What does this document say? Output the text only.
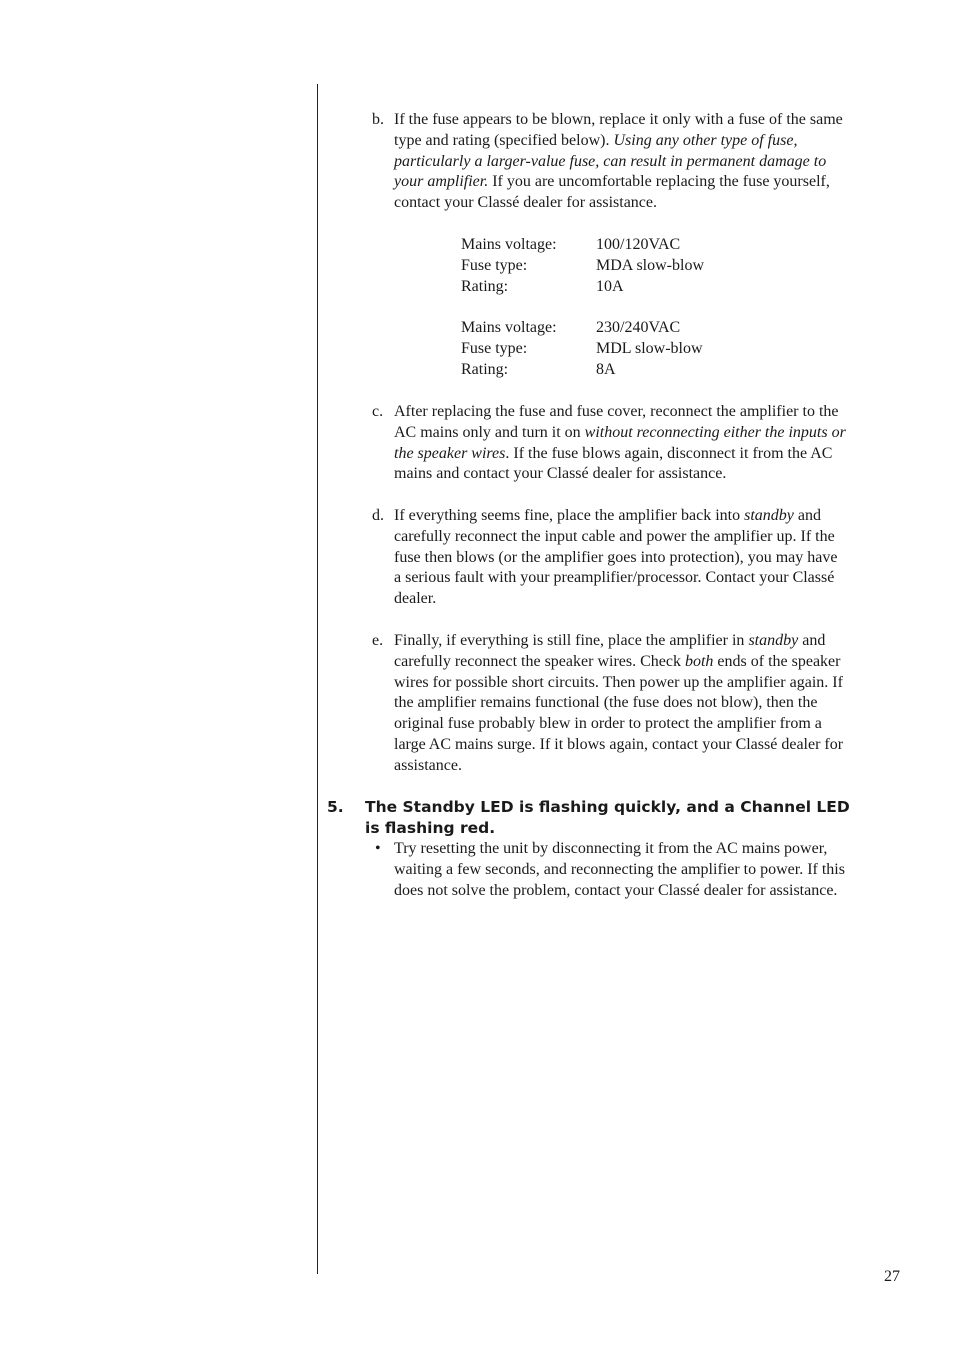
b. If the fuse appears to be blown, replace it only with a fuse of the same type and rating (specified below). Using any other type of fuse, particularly a larger-value fuse, can result in permanent damage to your amplifier. If you are uncomfortable replacing the fuse yourself, contact your Classé dealer for assistance.
Mains voltage:	100/120VAC
Fuse type:	MDA slow-blow
Rating:	10A
Mains voltage:	230/240VAC
Fuse type:	MDL slow-blow
Rating:	8A
c. After replacing the fuse and fuse cover, reconnect the amplifier to the AC mains only and turn it on without reconnecting either the inputs or the speaker wires. If the fuse blows again, disconnect it from the AC mains and contact your Classé dealer for assistance.
d. If everything seems fine, place the amplifier back into standby and carefully reconnect the input cable and power the amplifier up. If the fuse then blows (or the amplifier goes into protection), you may have a serious fault with your preamplifier/processor. Contact your Classé dealer.
e. Finally, if everything is still fine, place the amplifier in standby and carefully reconnect the speaker wires. Check both ends of the speaker wires for possible short circuits. Then power up the amplifier again. If the amplifier remains functional (the fuse does not blow), then the original fuse probably blew in order to protect the amplifier from a large AC mains surge. If it blows again, contact your Classé dealer for assistance.
5. The Standby LED is flashing quickly, and a Channel LED is flashing red.
• Try resetting the unit by disconnecting it from the AC mains power, waiting a few seconds, and reconnecting the amplifier to power. If this does not solve the problem, contact your Classé dealer for assistance.
27
